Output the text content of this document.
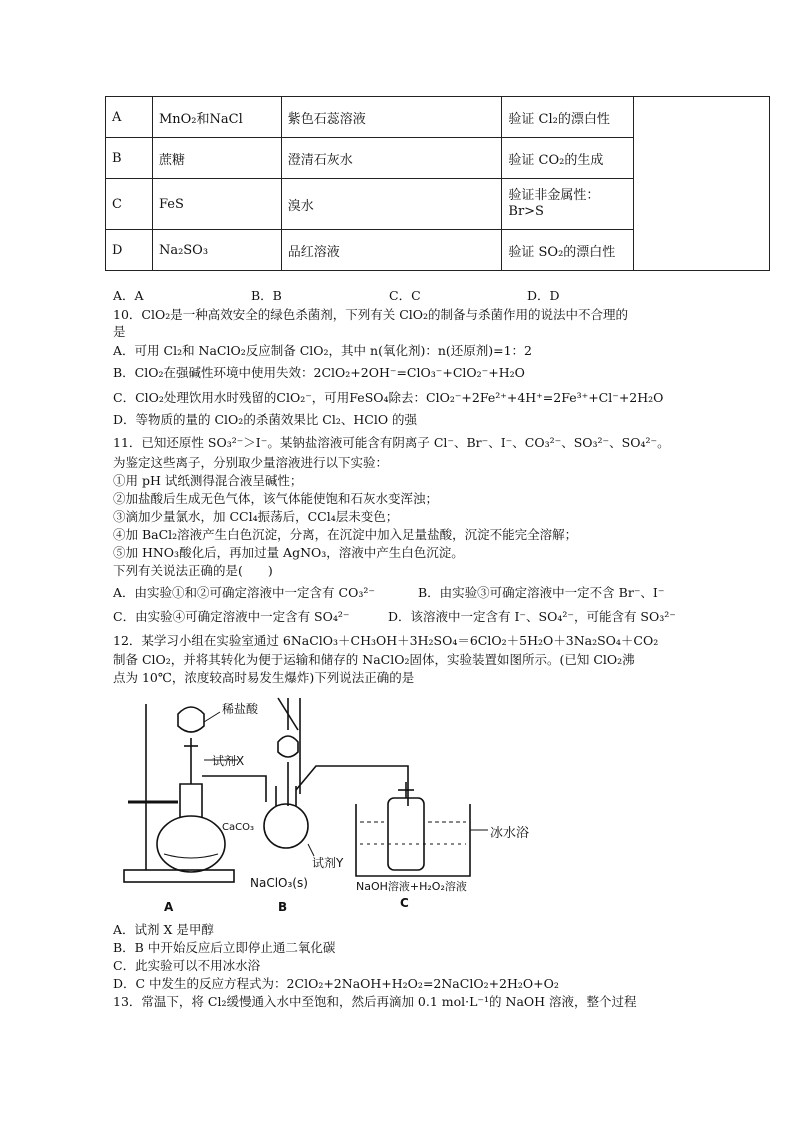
A	MnO₂和NaCl	紫色石蕊溶液	验证 Cl₂的漂白性	
B	蔗糖	澄清石灰水	验证 CO₂的生成	
C	FeS	溴水	验证非金属性：Br>S	
D	Na₂SO₃	品红溶液	验证 SO₂的漂白性	
A．A	B．B	C．C	D．D
10．ClO₂是一种高效安全的绿色杀菌剂，下列有关 ClO₂的制备与杀菌作用的说法中不合理的
是
A．可用 Cl₂和 NaClO₂反应制备 ClO₂，其中 n(氧化剂)：n(还原剂)=1：2
B．ClO₂在强碱性环境中使用失效：2ClO₂+2OH⁻=ClO₃⁻+ClO₂⁻+H₂O
C．ClO₂处理饮用水时残留的ClO₂⁻，可用FeSO₄除去：ClO₂⁻+2Fe²⁺+4H⁺=2Fe³⁺+Cl⁻+2H₂O
D．等物质的量的 ClO₂的杀菌效果比 Cl₂、HClO 的强
11．已知还原性 SO₃²⁻＞I⁻。某钠盐溶液可能含有阴离子 Cl⁻、Br⁻、I⁻、CO₃²⁻、SO₃²⁻、SO₄²⁻。
为鉴定这些离子，分别取少量溶液进行以下实验：
①用 pH 试纸测得混合液呈碱性；
②加盐酸后生成无色气体，该气体能使饱和石灰水变浑浊；
③滴加少量氯水，加 CCl₄振荡后，CCl₄层未变色；
④加 BaCl₂溶液产生白色沉淀，分离，在沉淀中加入足量盐酸，沉淀不能完全溶解；
⑤加 HNO₃酸化后，再加过量 AgNO₃，溶液中产生白色沉淀。
下列有关说法正确的是(　　)
A．由实验①和②可确定溶液中一定含有 CO₃²⁻	B．由实验③可确定溶液中一定不含 Br⁻、I⁻
C．由实验④可确定溶液中一定含有 SO₄²⁻	D．该溶液中一定含有 I⁻、SO₄²⁻，可能含有 SO₃²⁻
12．某学习小组在实验室通过 6NaClO₃＋CH₃OH＋3H₂SO₄＝6ClO₂＋5H₂O＋3Na₂SO₄＋CO₂
制备 ClO₂，并将其转化为便于运输和储存的 NaClO₂固体，实验装置如图所示。(已知 ClO₂沸
点为 10℃，浓度较高时易发生爆炸)下列说法正确的是
稀盐酸
试剂X
CaCO₃
试剂Y
NaClO₃(s)
冰水浴
NaOH溶液+H₂O₂溶液
A	B	C
A．试剂 X 是甲醇
B．B 中开始反应后立即停止通二氧化碳
C．此实验可以不用冰水浴
D．C 中发生的反应方程式为：2ClO₂+2NaOH+H₂O₂=2NaClO₂+2H₂O+O₂
13．常温下，将 Cl₂缓慢通入水中至饱和，然后再滴加 0.1 mol·L⁻¹的 NaOH 溶液，整个过程
